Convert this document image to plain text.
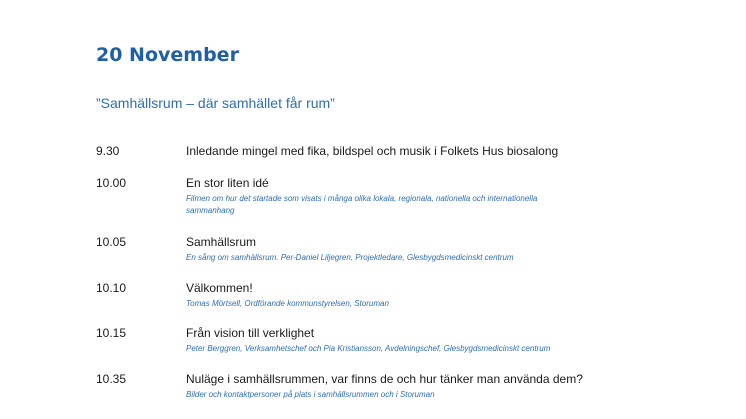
20 November
”Samhällsrum – där samhället får rum”
9.30	Inledande mingel med fika, bildspel och musik i Folkets Hus biosalong
10.00	En stor liten idé
Filmen om hur det startade som visats i många olika lokala, regionala, nationella och internationella sammanhang
10.05	Samhällsrum
En sång om samhällsrum. Per-Daniel Liljegren, Projektledare, Glesbygdsmedicinskt centrum
10.10	Välkommen!
Tomas Mörtsell, Ordförande kommunstyrelsen, Storuman
10.15	Från vision till verklighet
Peter Berggren, Verksamhetschef och Pia Kristiansson, Avdelningschef, Glesbygdsmedicinskt centrum
10.35	Nuläge i samhällsrummen, var finns de och hur tänker man använda dem?
Bilder och kontaktpersoner på plats i samhällsrummen och i Storuman
